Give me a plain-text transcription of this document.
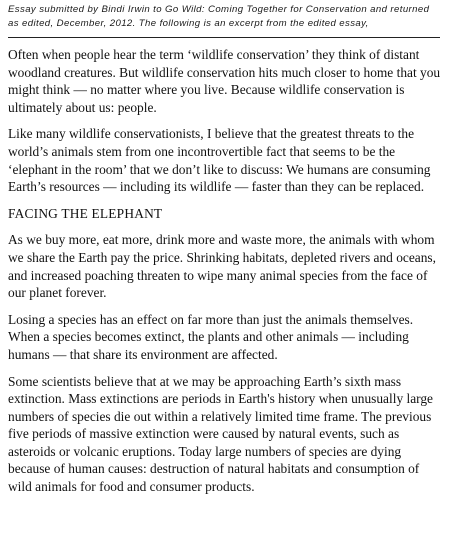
Essay submitted by Bindi Irwin to Go Wild: Coming Together for Conservation and returned as edited, December, 2012. The following is an excerpt from the edited essay,

Often when people hear the term ‘wildlife conservation’ they think of distant woodland creatures. But wildlife conservation hits much closer to home that you might think — no matter where you live. Because wildlife conservation is ultimately about us: people.

Like many wildlife conservationists, I believe that the greatest threats to the world’s animals stem from one incontrovertible fact that seems to be the ‘elephant in the room’ that we don’t like to discuss: We humans are consuming Earth’s resources — including its wildlife — faster than they can be replaced.

FACING THE ELEPHANT

As we buy more, eat more, drink more and waste more, the animals with whom we share the Earth pay the price. Shrinking habitats, depleted rivers and oceans, and increased poaching threaten to wipe many animal species from the face of our planet forever.

Losing a species has an effect on far more than just the animals themselves. When a species becomes extinct, the plants and other animals — including humans — that share its environment are affected.

Some scientists believe that at we may be approaching Earth’s sixth mass extinction. Mass extinctions are periods in Earth's history when unusually large numbers of species die out within a relatively limited time frame. The previous five periods of massive extinction were caused by natural events, such as asteroids or volcanic eruptions. Today large numbers of species are dying because of human causes: destruction of natural habitats and consumption of wild animals for food and consumer products.
